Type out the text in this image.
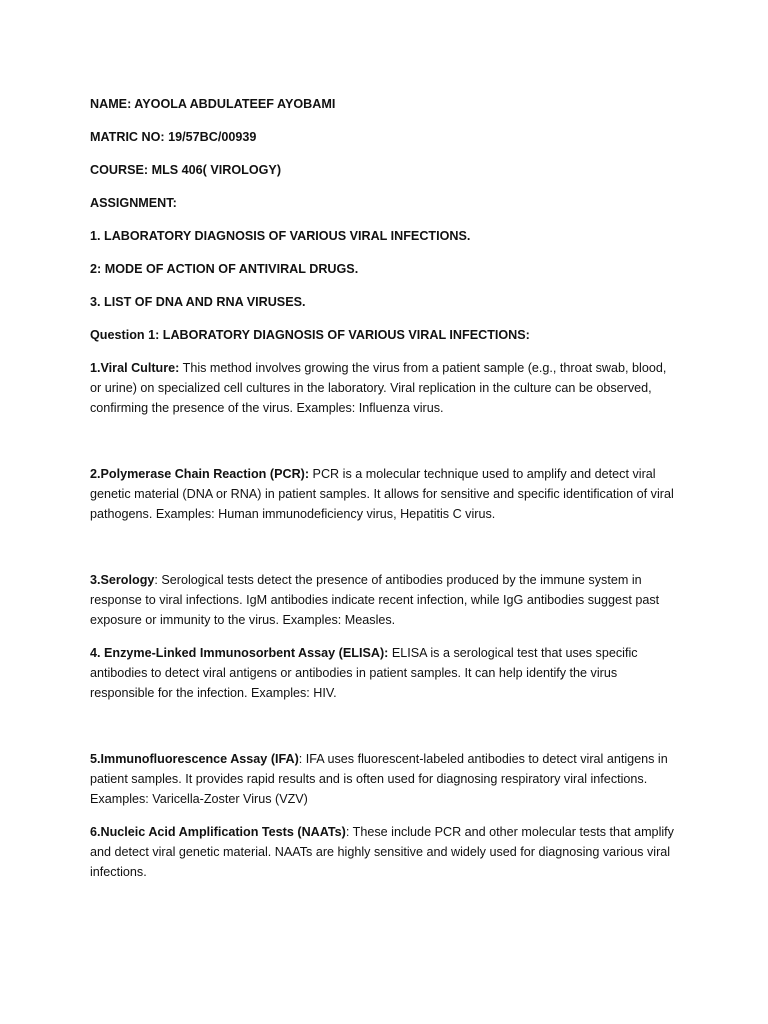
NAME: AYOOLA ABDULATEEF AYOBAMI

MATRIC NO: 19/57BC/00939

COURSE: MLS 406( VIROLOGY)

ASSIGNMENT:

1. LABORATORY DIAGNOSIS OF VARIOUS VIRAL INFECTIONS.

2: MODE OF ACTION OF ANTIVIRAL DRUGS.

3. LIST OF DNA AND RNA VIRUSES.

Question 1: LABORATORY DIAGNOSIS OF VARIOUS VIRAL INFECTIONS:

1.Viral Culture: This method involves growing the virus from a patient sample (e.g., throat swab, blood, or urine) on specialized cell cultures in the laboratory. Viral replication in the culture can be observed, confirming the presence of the virus. Examples: Influenza virus.

2.Polymerase Chain Reaction (PCR): PCR is a molecular technique used to amplify and detect viral genetic material (DNA or RNA) in patient samples. It allows for sensitive and specific identification of viral pathogens. Examples: Human immunodeficiency virus, Hepatitis C virus.

3.Serology: Serological tests detect the presence of antibodies produced by the immune system in response to viral infections. IgM antibodies indicate recent infection, while IgG antibodies suggest past exposure or immunity to the virus. Examples: Measles.

4. Enzyme-Linked Immunosorbent Assay (ELISA): ELISA is a serological test that uses specific antibodies to detect viral antigens or antibodies in patient samples. It can help identify the virus responsible for the infection. Examples: HIV.

5.Immunofluorescence Assay (IFA): IFA uses fluorescent-labeled antibodies to detect viral antigens in patient samples. It provides rapid results and is often used for diagnosing respiratory viral infections. Examples: Varicella-Zoster Virus (VZV)

6.Nucleic Acid Amplification Tests (NAATs): These include PCR and other molecular tests that amplify and detect viral genetic material. NAATs are highly sensitive and widely used for diagnosing various viral infections.
